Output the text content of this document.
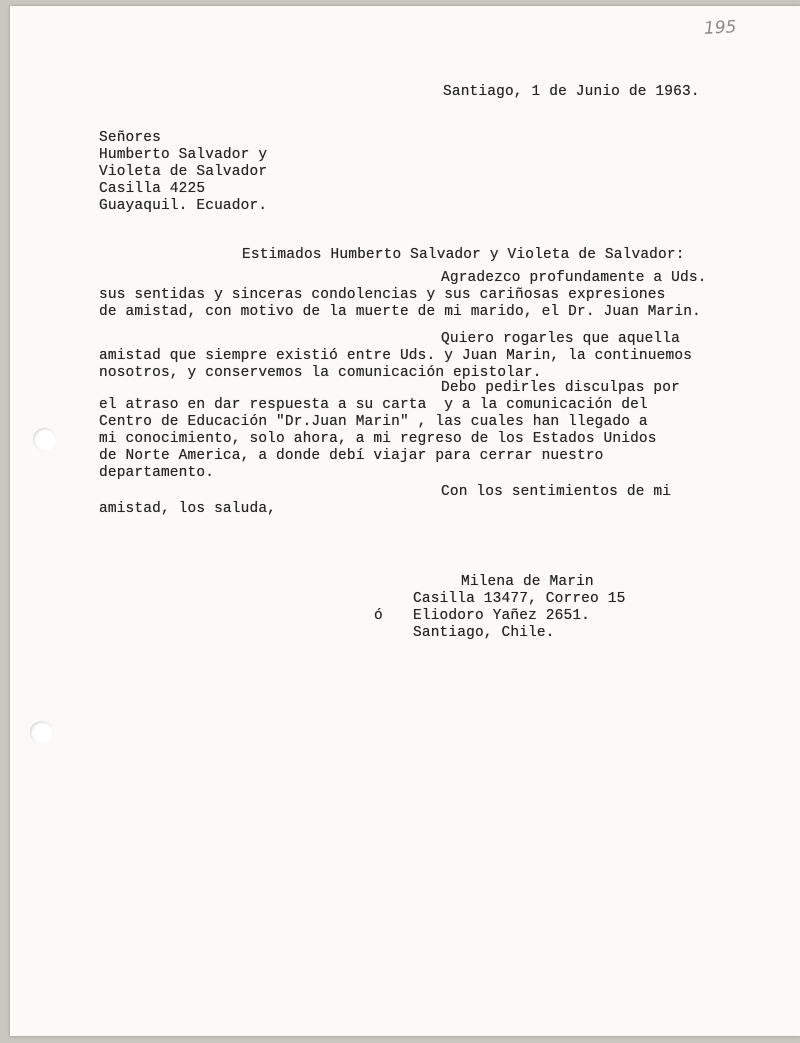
195
Santiago, 1 de Junio de 1963.
Señores
Humberto Salvador y
Violeta de Salvador
Casilla 4225
Guayaquil. Ecuador.
Estimados Humberto Salvador y Violeta de Salvador:
Agradezco profundamente a Uds.
sus sentidas y sinceras condolencias y sus cariñosas expresiones
de amistad, con motivo de la muerte de mi marido, el Dr. Juan Marin.
Quiero rogarles que aquella
amistad que siempre existió entre Uds. y Juan Marin, la continuemos
nosotros, y conservemos la comunicación epistolar.
Debo pedirles disculpas por
el atraso en dar respuesta a su carta  y a la comunicación del
Centro de Educación "Dr.Juan Marin" , las cuales han llegado a
mi conocimiento, solo ahora, a mi regreso de los Estados Unidos
de Norte America, a donde debí viajar para cerrar nuestro
departamento.
Con los sentimientos de mi
amistad, los saluda,
Milena de Marin
Casilla 13477, Correo 15
ó Eliodoro Yañez 2651.
Santiago, Chile.
